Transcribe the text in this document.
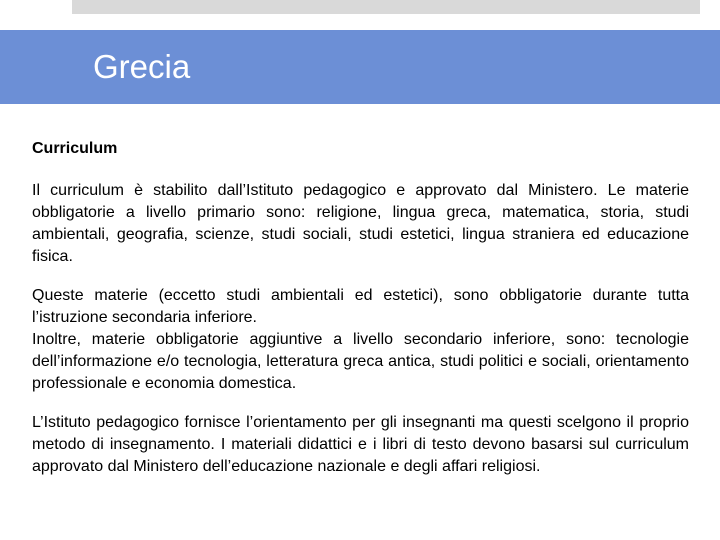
Grecia

Curriculum

Il curriculum è stabilito dall’Istituto pedagogico e approvato dal Ministero. Le materie obbligatorie a livello primario sono: religione, lingua greca, matematica, storia, studi ambientali, geografia, scienze, studi sociali, studi estetici, lingua straniera ed educazione fisica.

Queste materie (eccetto studi ambientali ed estetici), sono obbligatorie durante tutta l’istruzione secondaria inferiore.

Inoltre, materie obbligatorie aggiuntive a livello secondario inferiore, sono: tecnologie dell’informazione e/o tecnologia, letteratura greca antica, studi politici e sociali, orientamento professionale e economia domestica.

L’Istituto pedagogico fornisce l’orientamento per gli insegnanti ma questi scelgono il proprio metodo di insegnamento. I materiali didattici e i libri di testo devono basarsi sul curriculum approvato dal Ministero dell’educazione nazionale e degli affari religiosi.
